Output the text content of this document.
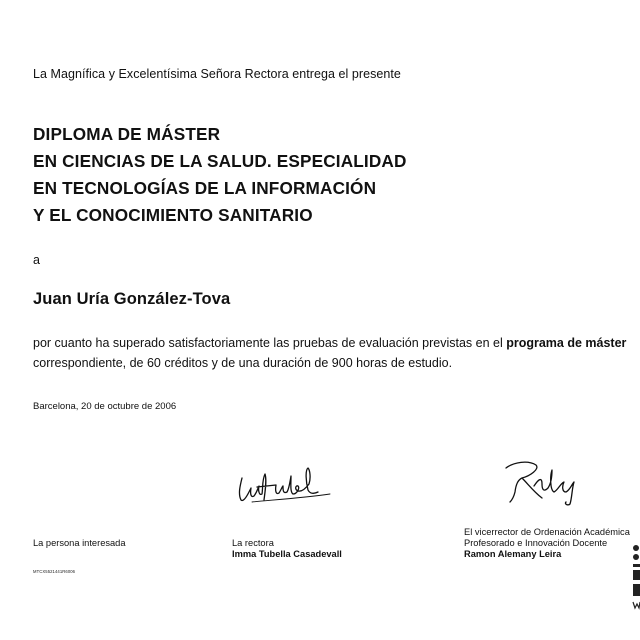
La Magnífica y Excelentísima Señora Rectora entrega el presente
DIPLOMA DE MÁSTER
EN CIENCIAS DE LA SALUD. ESPECIALIDAD
EN TECNOLOGÍAS DE LA INFORMACIÓN
Y EL CONOCIMIENTO SANITARIO
a
Juan Uría González-Tova
por cuanto ha superado satisfactoriamente las pruebas de evaluación previstas en el programa de máster correspondiente, de 60 créditos y de una duración de 900 horas de estudio.
Barcelona, 20 de octubre de 2006
La persona interesada	La rectora
Imma Tubella Casadevall
El vicerrector de Ordenación Académica
Profesorado e Innovación Docente
Ramon Alemany Leira
MTCX5521441R6006
